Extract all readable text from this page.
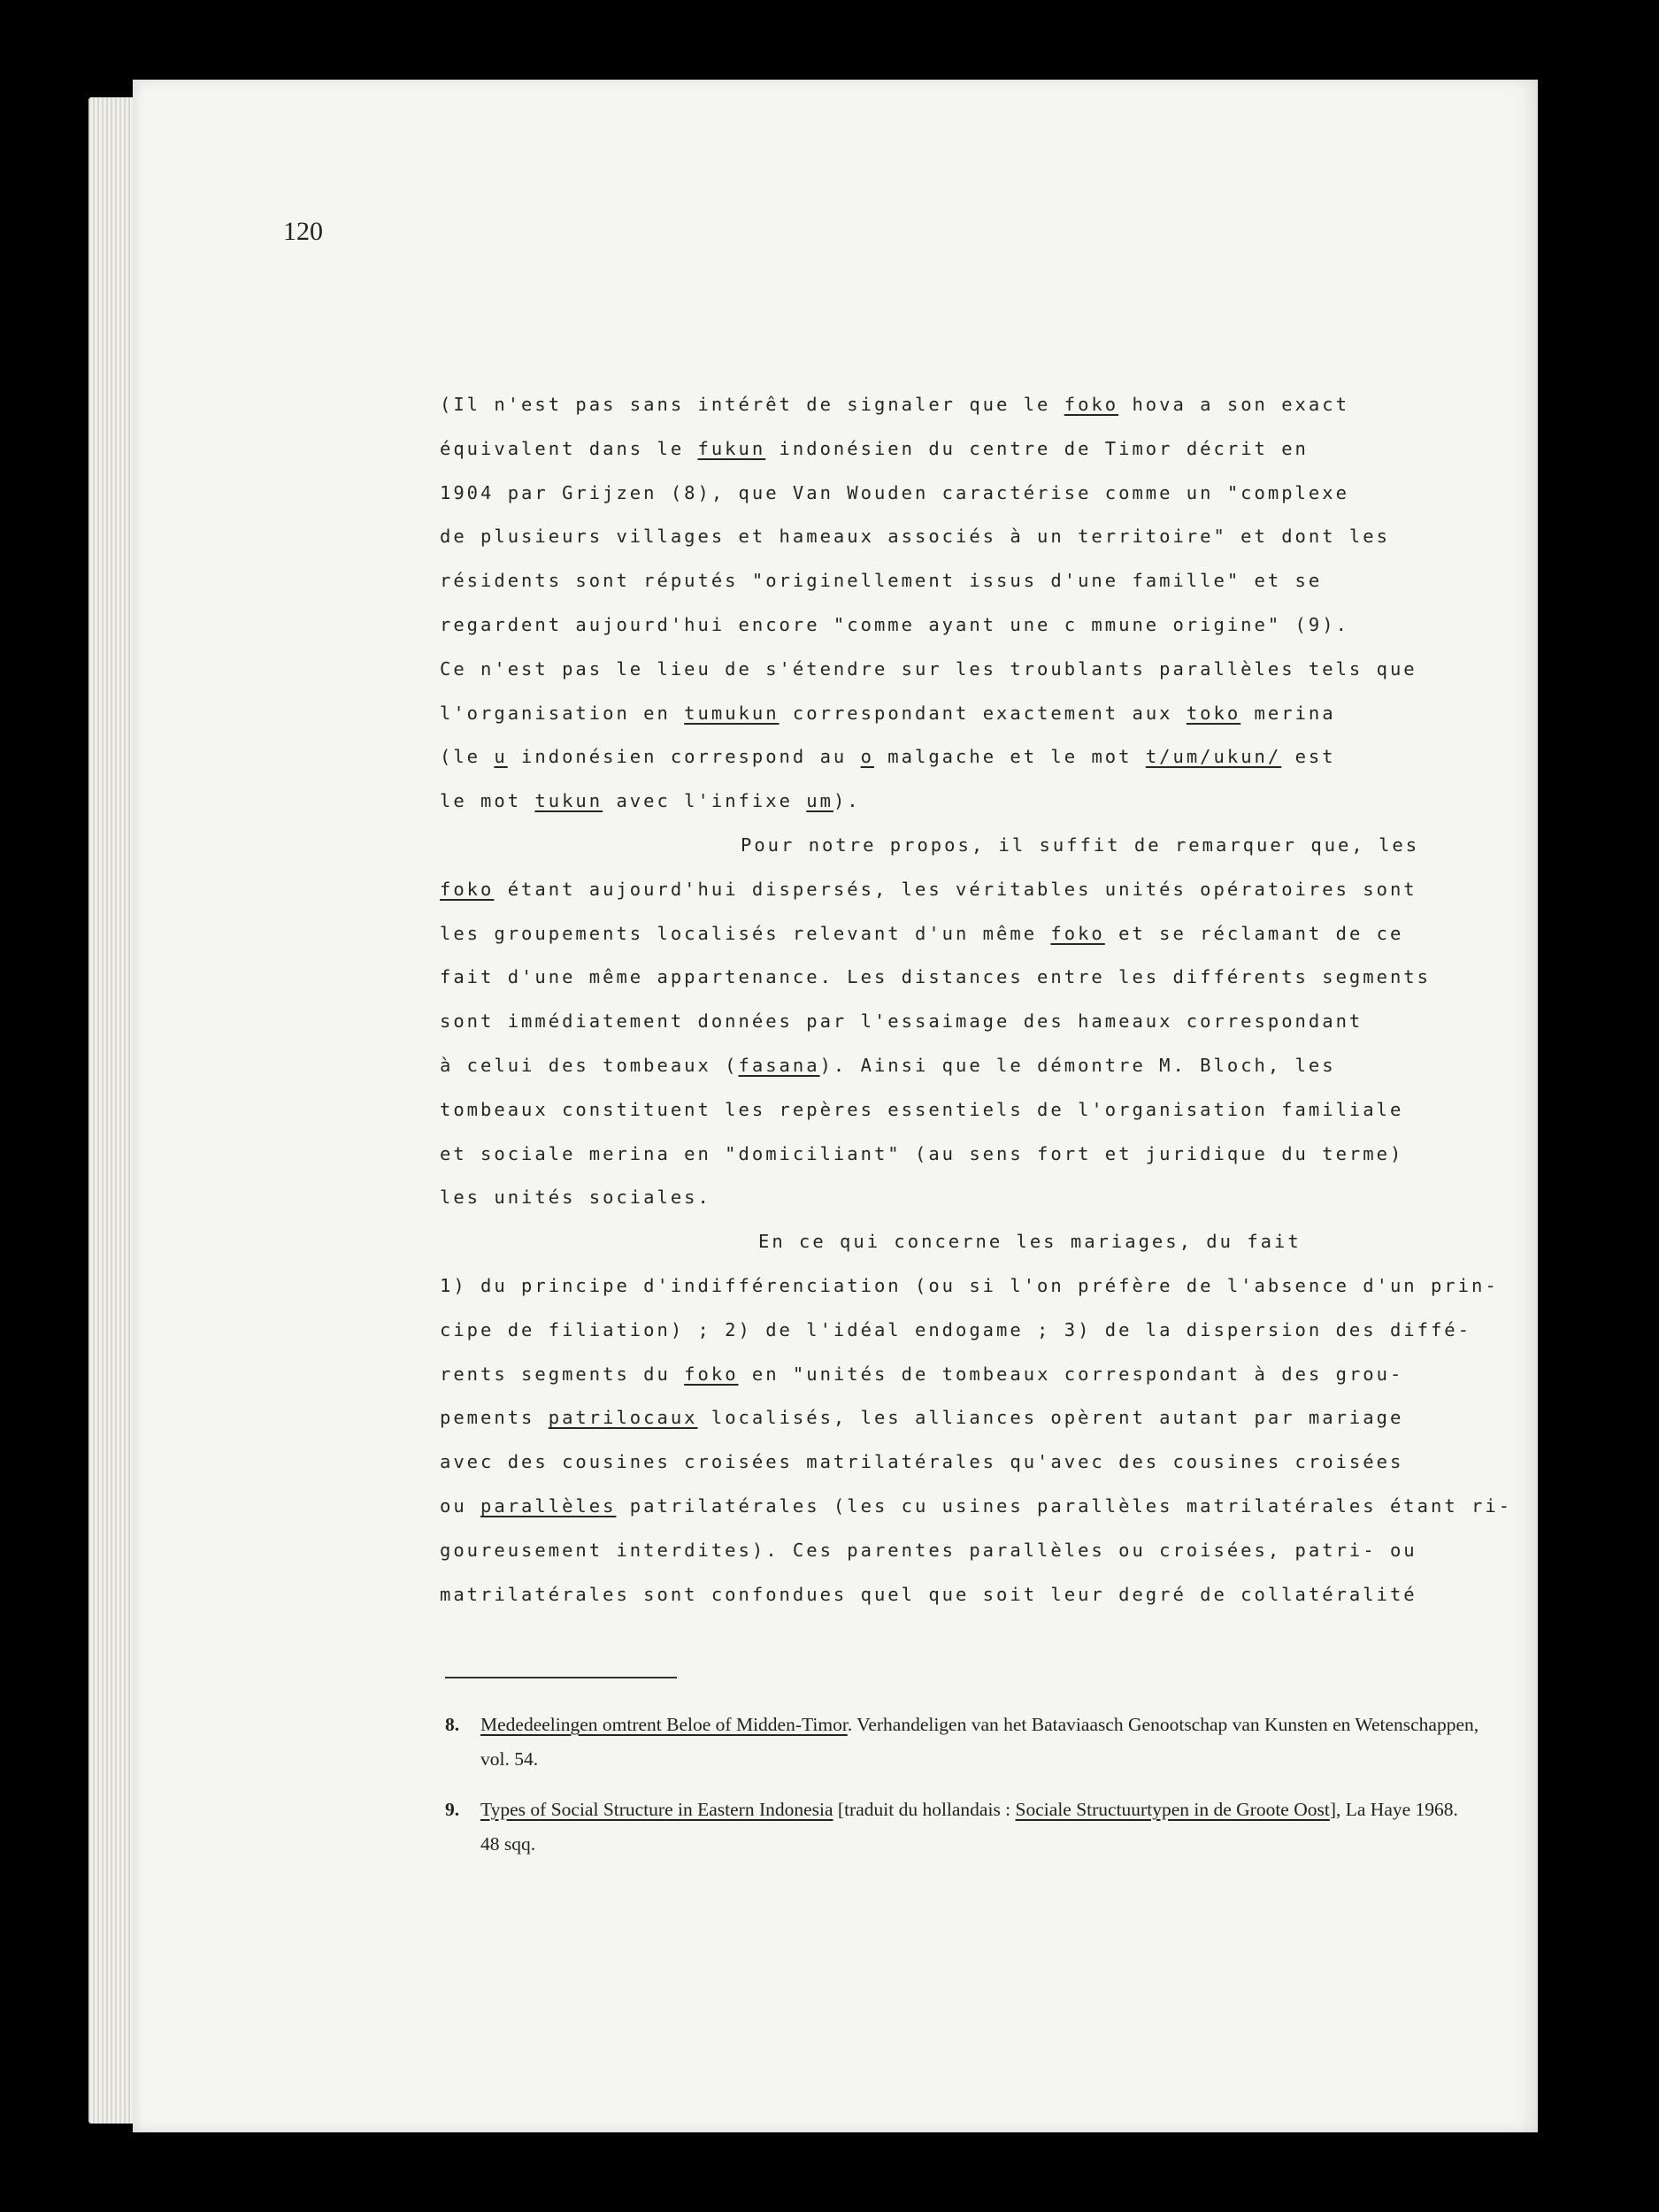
120
(Il n'est pas sans intérêt de signaler que le foko hova a son exact
équivalent dans le fukun indonésien du centre de Timor décrit en
1904 par Grijzen (8), que Van Wouden caractérise comme un "complexe
de plusieurs villages et hameaux associés à un territoire" et dont les
résidents sont réputés "originellement issus d'une famille" et se
regardent aujourd'hui encore "comme ayant une c mmune origine" (9).
Ce n'est pas le lieu de s'étendre sur les troublants parallèles tels que
l'organisation en tumukun correspondant exactement aux toko merina
(le u indonésien correspond au o malgache et le mot t/um/ukun/ est
le mot tukun avec l'infixe um).
Pour notre propos, il suffit de remarquer que, les
foko étant aujourd'hui dispersés, les véritables unités opératoires sont
les groupements localisés relevant d'un même foko et se réclamant de ce
fait d'une même appartenance. Les distances entre les différents segments
sont immédiatement données par l'essaimage des hameaux correspondant
à celui des tombeaux (fasana). Ainsi que le démontre M. Bloch, les
tombeaux constituent les repères essentiels de l'organisation familiale
et sociale merina en "domiciliant" (au sens fort et juridique du terme)
les unités sociales.
En ce qui concerne les mariages, du fait
1) du principe d'indifférenciation (ou si l'on préfère de l'absence d'un prin-
cipe de filiation) ; 2) de l'idéal endogame ; 3) de la dispersion des diffé-
rents segments du foko en "unités de tombeaux correspondant à des grou-
pements patrilocaux localisés, les alliances opèrent autant par mariage
avec des cousines croisées matrilatérales qu'avec des cousines croisées
ou parallèles patrilatérales (les cu usines parallèles matrilatérales étant ri-
goureusement interdites). Ces parentes parallèles ou croisées, patri- ou
matrilatérales sont confondues quel que soit leur degré de collatéralité
8. Mededeelingen omtrent Beloe of Midden-Timor. Verhandeligen van het Bataviaasch Genootschap van Kunsten en Wetenschappen, vol. 54.
9. Types of Social Structure in Eastern Indonesia [traduit du hollandais : Sociale Structuurtypen in de Groote Oost], La Haye 1968. 48 sqq.
